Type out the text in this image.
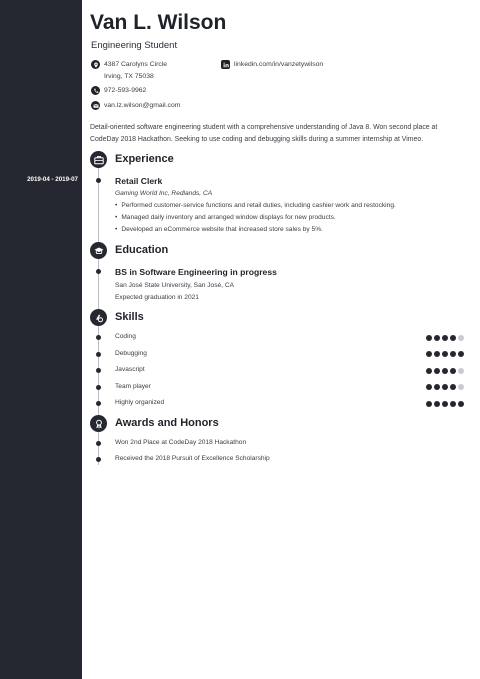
2019-04 - 2019-07
Van L. Wilson
Engineering Student
4387 Carolyns Circle
Irving, TX 75038
linkedin.com/in/vanzetywilson
972-593-9962
van.lz.wilson@gmail.com
Detail-oriented software engineering student with a comprehensive understanding of Java 8. Won second place at CodeDay 2018 Hackathon. Seeking to use coding and debugging skills during a summer internship at Vimeo.
Experience
Retail Clerk
Gaming World Inc, Redlands, CA
• Performed customer-service functions and retail duties, including cashier work and restocking.
• Managed daily inventory and arranged window displays for new products.
• Developed an eCommerce website that increased store sales by 5%.
Education
BS in Software Engineering in progress
San José State University, San José, CA
Expected graduation in 2021
Skills
Coding
Debugging
Javascript
Team player
Highly organized
Awards and Honors
Won 2nd Place at CodeDay 2018 Hackathon
Received the 2018 Pursuit of Excellence Scholarship
